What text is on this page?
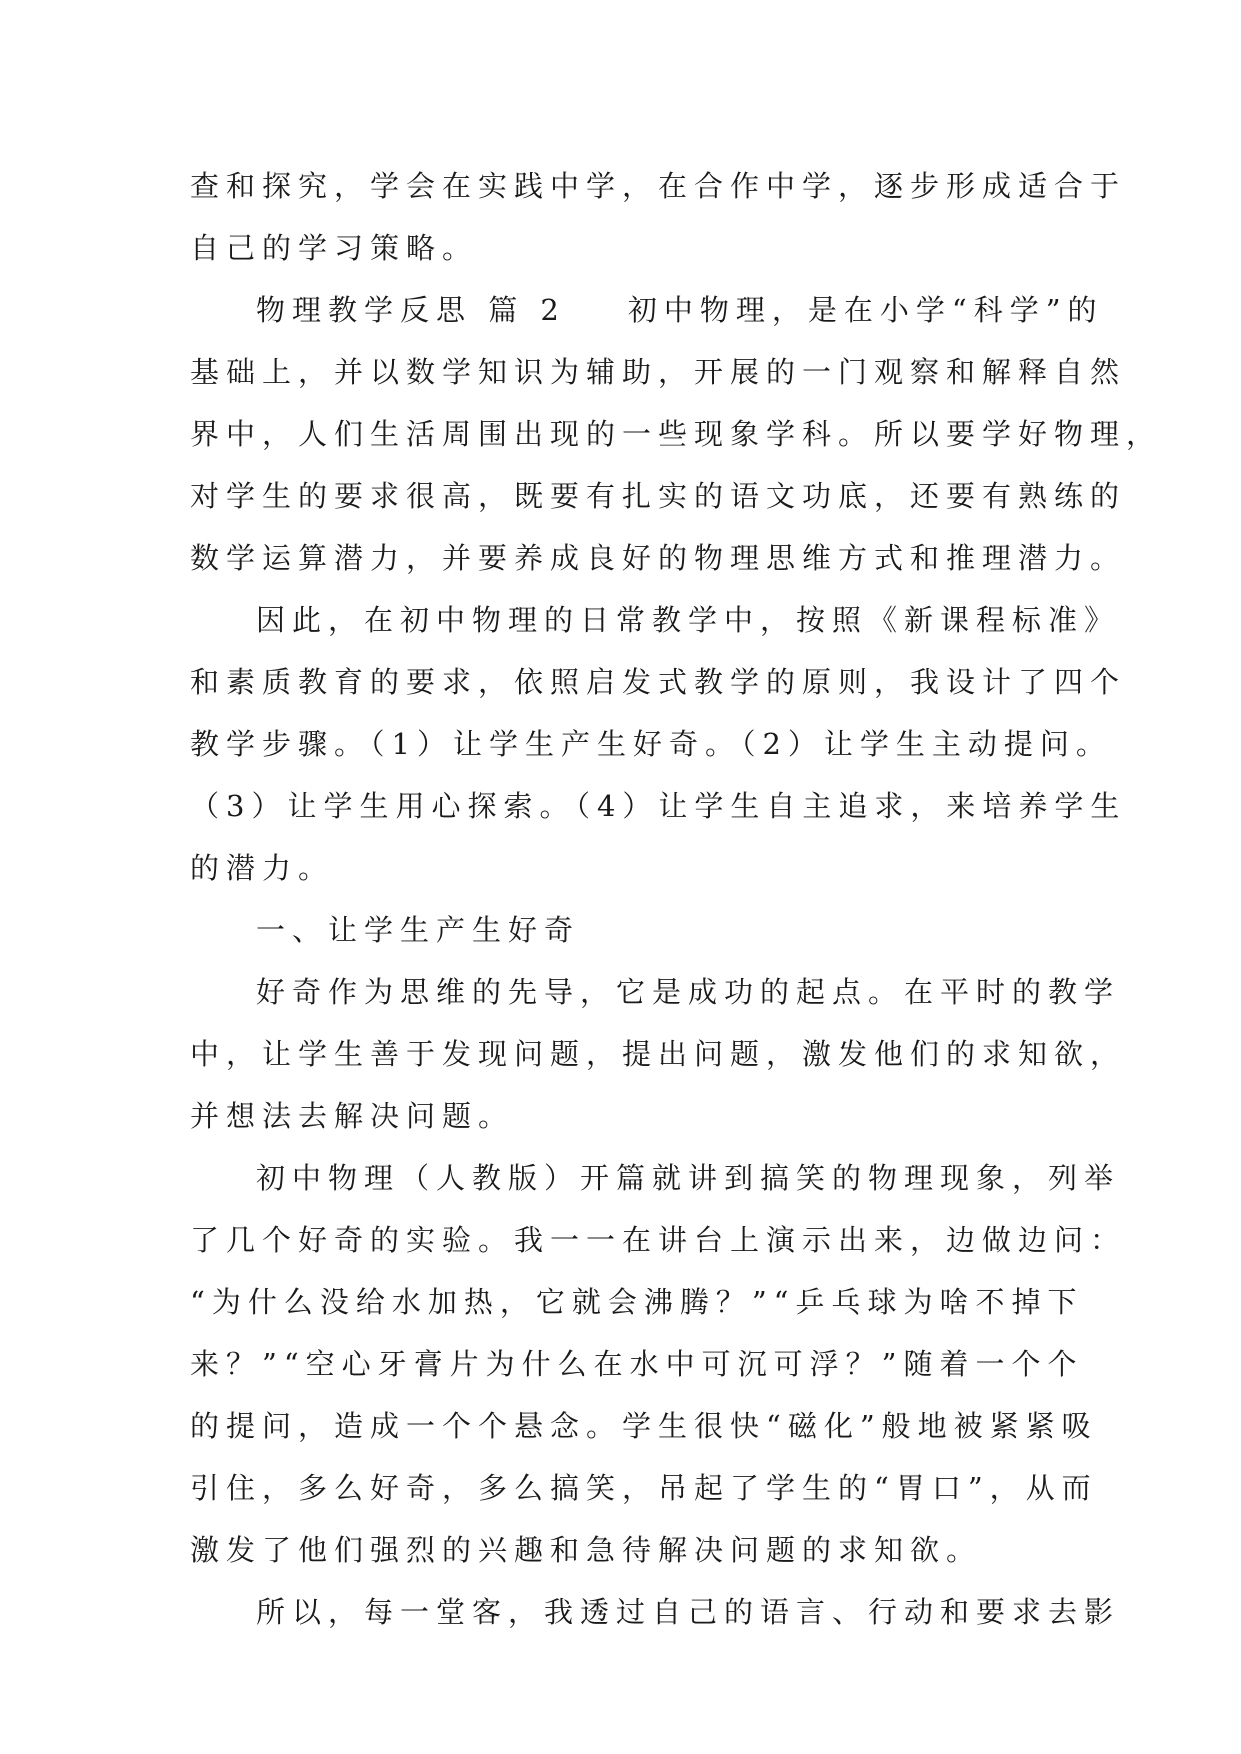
查和探究，学会在实践中学，在合作中学，逐步形成适合于
自己的学习策略。
物理教学反思 篇 2 初中物理，是在小学“科学”的
基础上，并以数学知识为辅助，开展的一门观察和解释自然
界中，人们生活周围出现的一些现象学科。所以要学好物理，
对学生的要求很高，既要有扎实的语文功底，还要有熟练的
数学运算潜力，并要养成良好的物理思维方式和推理潜力。
因此，在初中物理的日常教学中，按照《新课程标准》
和素质教育的要求，依照启发式教学的原则，我设计了四个
教学步骤。（1）让学生产生好奇。（2）让学生主动提问。
（3）让学生用心探索。（4）让学生自主追求，来培养学生
的潜力。
一、让学生产生好奇
好奇作为思维的先导，它是成功的起点。在平时的教学
中，让学生善于发现问题，提出问题，激发他们的求知欲，
并想法去解决问题。
初中物理（人教版）开篇就讲到搞笑的物理现象，列举
了几个好奇的实验。我一一在讲台上演示出来，边做边问：
“为什么没给水加热，它就会沸腾？”“乒乓球为啥不掉下
来？”“空心牙膏片为什么在水中可沉可浮？”随着一个个
的提问，造成一个个悬念。学生很快“磁化”般地被紧紧吸
引住，多么好奇，多么搞笑，吊起了学生的“胃口”，从而
激发了他们强烈的兴趣和急待解决问题的求知欲。
所以，每一堂客，我透过自己的语言、行动和要求去影
